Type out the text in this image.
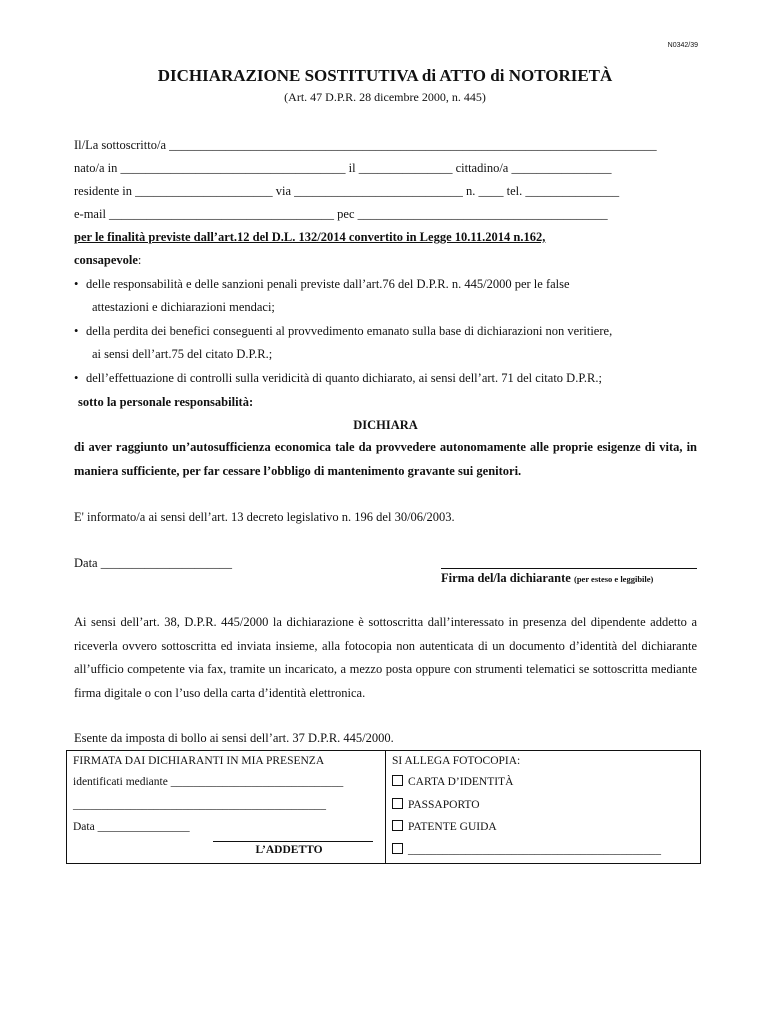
N0342/39
DICHIARAZIONE SOSTITUTIVA di ATTO di NOTORIETÀ
(Art. 47 D.P.R. 28 dicembre 2000, n. 445)
Il/La sottoscritto/a ______________________________________________________________________________
nato/a in ____________________________________ il _______________ cittadino/a ________________
residente in ______________________ via ___________________________ n. ____ tel. _______________
e-mail ____________________________________ pec ________________________________________
per le finalità previste dall’art.12 del D.L. 132/2014 convertito in Legge 10.11.2014 n.162,
consapevole:
• delle responsabilità e delle sanzioni penali previste dall’art.76 del D.P.R. n. 445/2000 per le false
attestazioni e dichiarazioni mendaci;
• della perdita dei benefici conseguenti al provvedimento emanato sulla base di dichiarazioni non veritiere,
ai sensi dell’art.75 del citato D.P.R.;
• dell’effettuazione di controlli sulla veridicità di quanto dichiarato, ai sensi dell’art. 71 del citato D.P.R.;
sotto la personale responsabilità:
DICHIARA
di aver raggiunto un’autosufficienza economica tale da provvedere autonomamente alle proprie esigenze di vita, in maniera sufficiente, per far cessare l’obbligo di mantenimento gravante sui genitori.
E' informato/a ai sensi dell’art. 13 decreto legislativo n. 196 del 30/06/2003.
Data _____________________
Firma del/la dichiarante (per esteso e leggibile)
Ai sensi dell’art. 38, D.P.R. 445/2000 la dichiarazione è sottoscritta dall’interessato in presenza del dipendente addetto a riceverla ovvero sottoscritta ed inviata insieme, alla fotocopia non autenticata di un documento d’identità del dichiarante all’ufficio competente via fax, tramite un incaricato, a mezzo posta oppure con strumenti telematici se sottoscritta mediante firma digitale o con l’uso della carta d’identità elettronica.
Esente da imposta di bollo ai sensi dell’art. 37 D.P.R. 445/2000.
FIRMATA DAI DICHIARANTI IN MIA PRESENZA
identificati mediante ______________________________
____________________________________________
Data ________________
L’ADDETTO

SI ALLEGA FOTOCOPIA:
CARTA D’IDENTITÀ
PASSAPORTO
PATENTE GUIDA
____________________________________________
